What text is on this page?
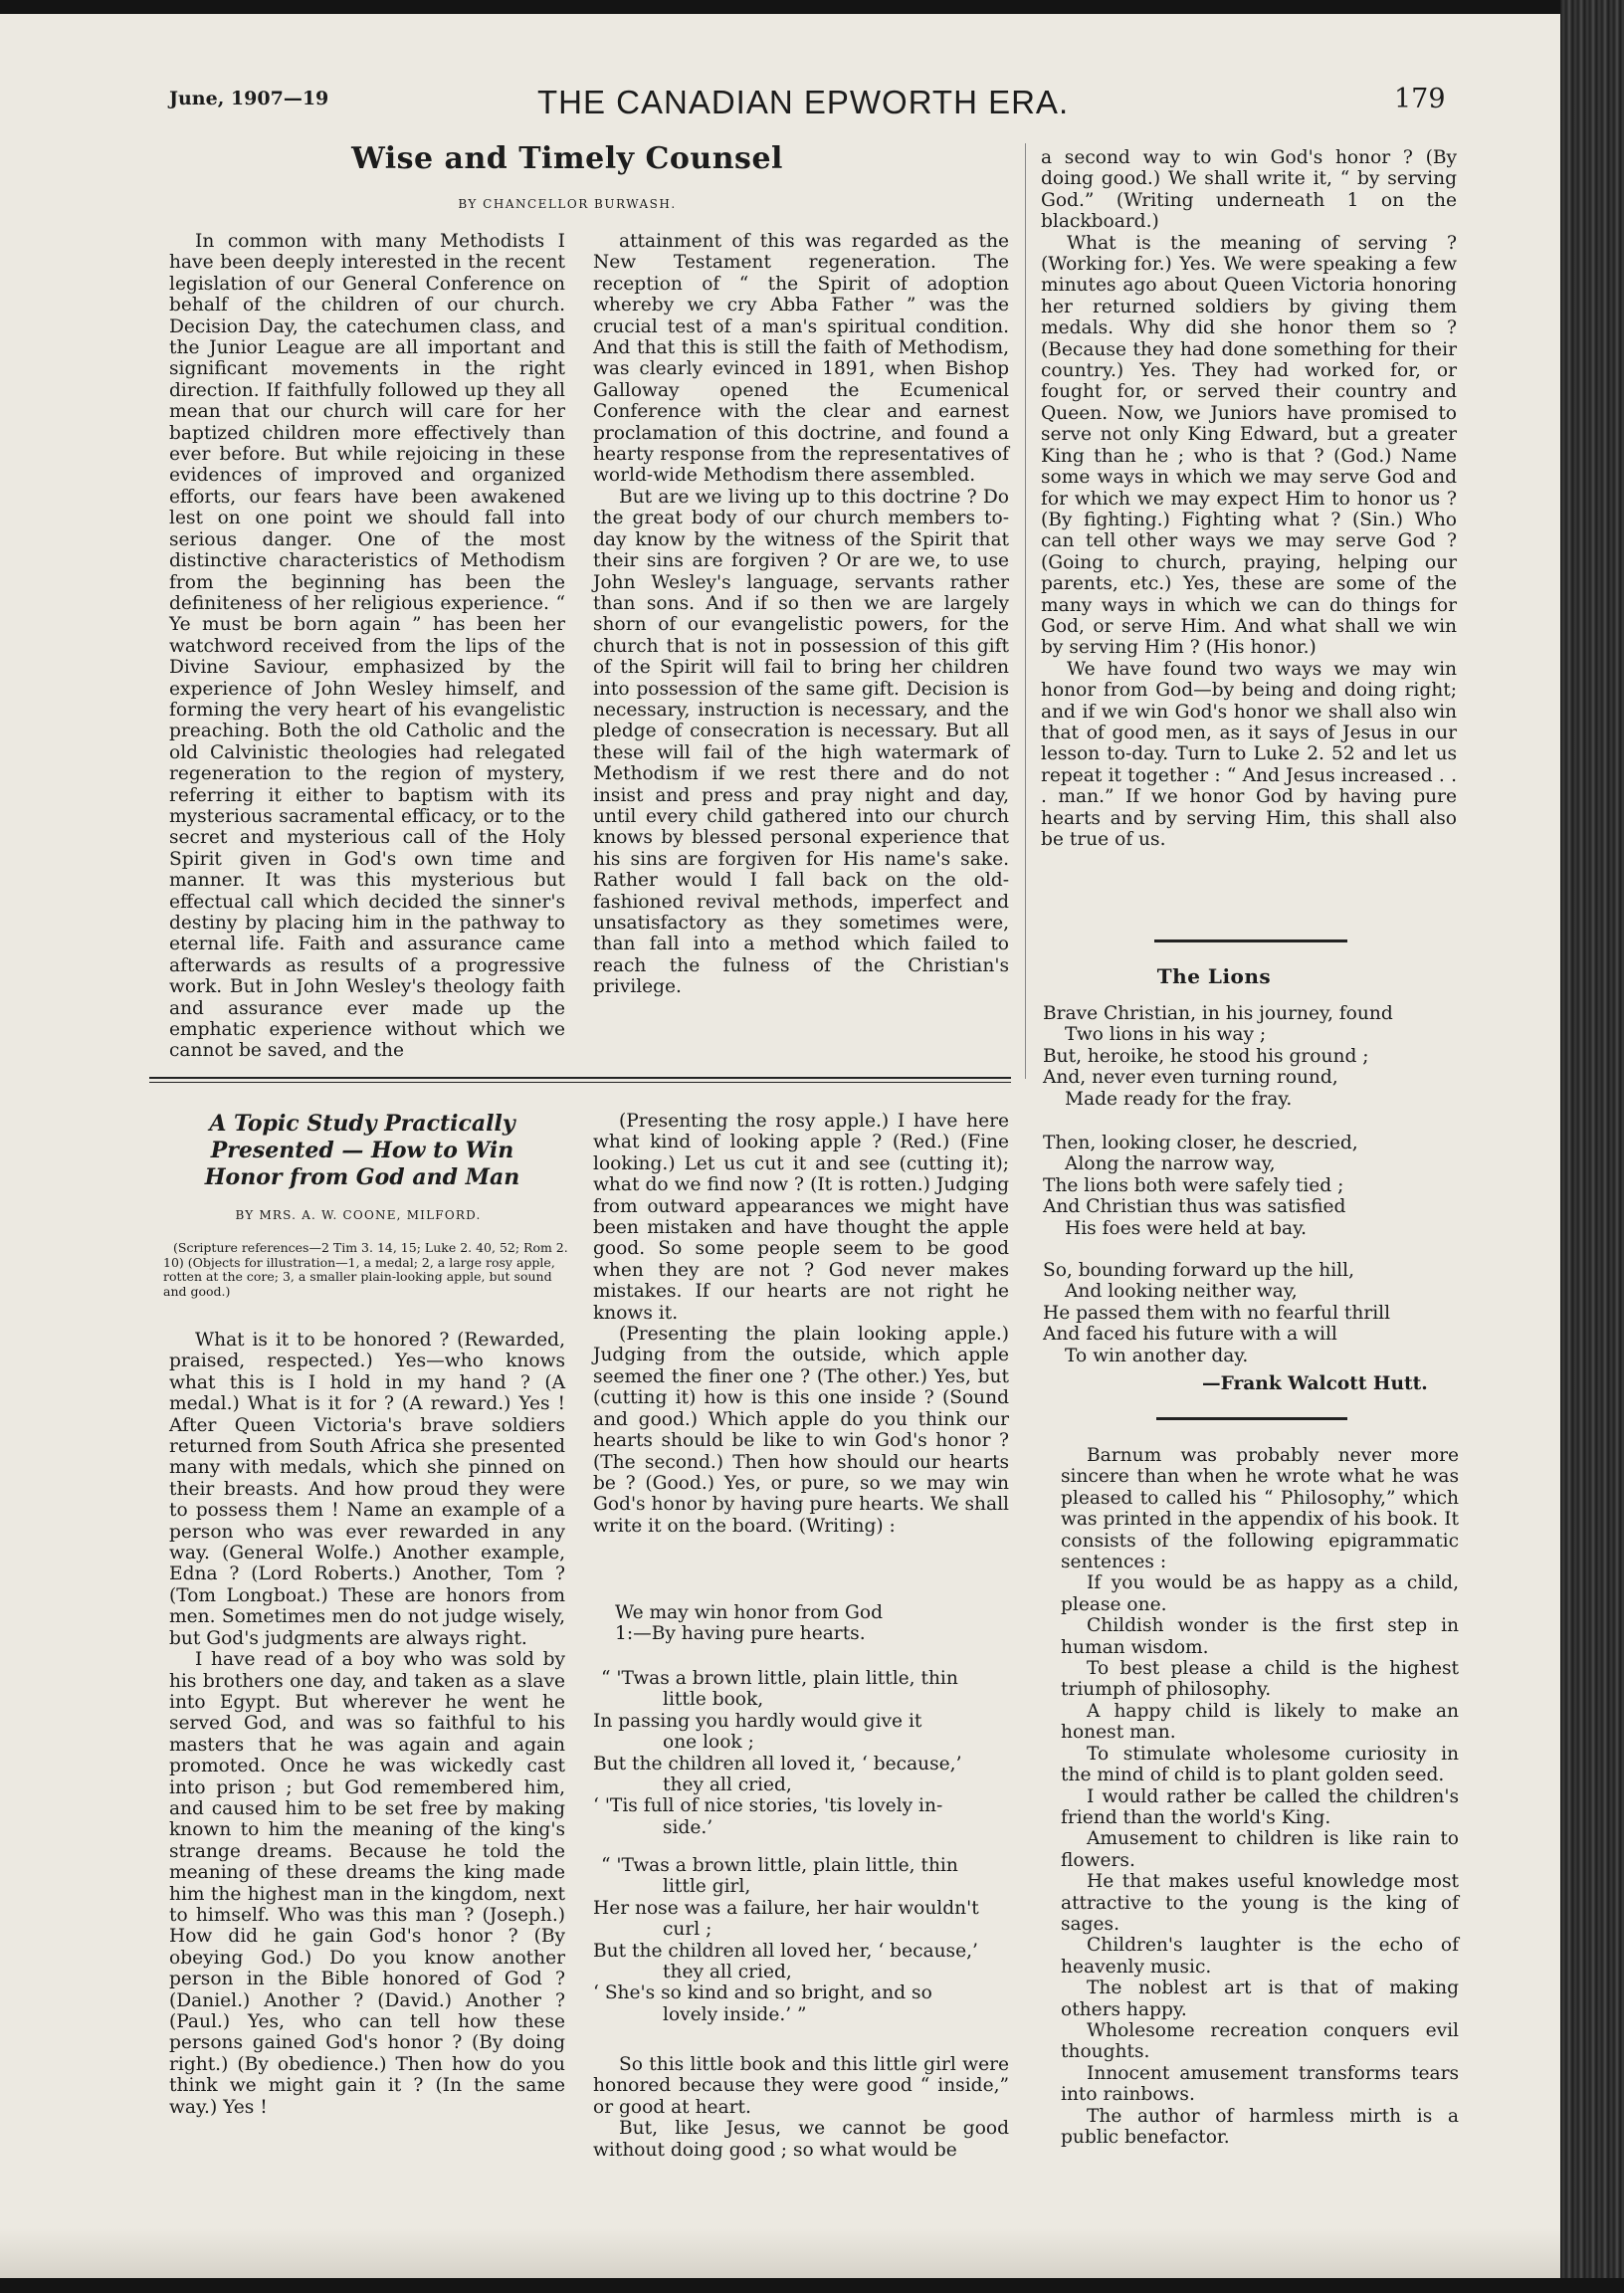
June, 1907—19	THE CANADIAN EPWORTH ERA.	179
Wise and Timely Counsel
BY CHANCELLOR BURWASH.

In common with many Methodists I have been deeply interested in the recent legislation of our General Conference on behalf of the children of our church. Decision Day, the catechumen class, and the Junior League are all important and significant movements in the right direction. If faithfully followed up they all mean that our church will care for her baptized children more effectively than ever before. But while rejoicing in these evidences of improved and organized efforts, our fears have been awakened lest on one point we should fall into serious danger. One of the most distinctive characteristics of Methodism from the beginning has been the definiteness of her religious experience. “ Ye must be born again ” has been her watchword received from the lips of the Divine Saviour, emphasized by the experience of John Wesley himself, and forming the very heart of his evangelistic preaching. Both the old Catholic and the old Calvinistic theologies had relegated regeneration to the region of mystery, referring it either to baptism with its mysterious sacramental efficacy, or to the secret and mysterious call of the Holy Spirit given in God's own time and manner. It was this mysterious but effectual call which decided the sinner's destiny by placing him in the pathway to eternal life. Faith and assurance came afterwards as results of a progressive work. But in John Wesley's theology faith and assurance ever made up the emphatic experience without which we cannot be saved, and the

attainment of this was regarded as the New Testament regeneration. The reception of “ the Spirit of adoption whereby we cry Abba Father ” was the crucial test of a man's spiritual condition. And that this is still the faith of Methodism, was clearly evinced in 1891, when Bishop Galloway opened the Ecumenical Conference with the clear and earnest proclamation of this doctrine, and found a hearty response from the representatives of world-wide Methodism there assembled.

But are we living up to this doctrine ? Do the great body of our church members to-day know by the witness of the Spirit that their sins are forgiven ? Or are we, to use John Wesley's language, servants rather than sons. And if so then we are largely shorn of our evangelistic powers, for the church that is not in possession of this gift of the Spirit will fail to bring her children into possession of the same gift. Decision is necessary, instruction is necessary, and the pledge of consecration is necessary. But all these will fail of the high watermark of Methodism if we rest there and do not insist and press and pray night and day, until every child gathered into our church knows by blessed personal experience that his sins are forgiven for His name's sake. Rather would I fall back on the old-fashioned revival methods, imperfect and unsatisfactory as they sometimes were, than fall into a method which failed to reach the fulness of the Christian's privilege.

a second way to win God's honor ? (By doing good.) We shall write it, “ by serving God.” (Writing underneath 1 on the blackboard.)

What is the meaning of serving ? (Working for.) Yes. We were speaking a few minutes ago about Queen Victoria honoring her returned soldiers by giving them medals. Why did she honor them so ? (Because they had done something for their country.) Yes. They had worked for, or fought for, or served their country and Queen. Now, we Juniors have promised to serve not only King Edward, but a greater King than he ; who is that ? (God.) Name some ways in which we may serve God and for which we may expect Him to honor us ? (By fighting.) Fighting what ? (Sin.) Who can tell other ways we may serve God ? (Going to church, praying, helping our parents, etc.) Yes, these are some of the many ways in which we can do things for God, or serve Him. And what shall we win by serving Him ? (His honor.)

We have found two ways we may win honor from God—by being and doing right; and if we win God's honor we shall also win that of good men, as it says of Jesus in our lesson to-day. Turn to Luke 2. 52 and let us repeat it together : “ And Jesus increased . . . man.” If we honor God by having pure hearts and by serving Him, this shall also be true of us.

The Lions
Brave Christian, in his journey, found
Two lions in his way ;
But, heroike, he stood his ground ;
And, never even turning round,
Made ready for the fray.
Then, looking closer, he descried,
Along the narrow way,
The lions both were safely tied ;
And Christian thus was satisfied
His foes were held at bay.
So, bounding forward up the hill,
And looking neither way,
He passed them with no fearful thrill
And faced his future with a will
To win another day.
—Frank Walcott Hutt.

Barnum was probably never more sincere than when he wrote what he was pleased to called his “ Philosophy,” which was printed in the appendix of his book. It consists of the following epigrammatic sentences :

If you would be as happy as a child, please one.

Childish wonder is the first step in human wisdom.

To best please a child is the highest triumph of philosophy.

A happy child is likely to make an honest man.

To stimulate wholesome curiosity in the mind of child is to plant golden seed.

I would rather be called the children's friend than the world's King.

Amusement to children is like rain to flowers.

He that makes useful knowledge most attractive to the young is the king of sages.

Children's laughter is the echo of heavenly music.

The noblest art is that of making others happy.

Wholesome recreation conquers evil thoughts.

Innocent amusement transforms tears into rainbows.

The author of harmless mirth is a public benefactor.

A Topic Study Practically
Presented — How to Win
Honor from God and Man
BY MRS. A. W. COONE, MILFORD.
(Scripture references—2 Tim 3. 14, 15; Luke 2. 40, 52; Rom 2. 10) (Objects for illustration—1, a medal; 2, a large rosy apple, rotten at the core; 3, a smaller plain-looking apple, but sound and good.)

What is it to be honored ? (Rewarded, praised, respected.) Yes—who knows what this is I hold in my hand ? (A medal.) What is it for ? (A reward.) Yes ! After Queen Victoria's brave soldiers returned from South Africa she presented many with medals, which she pinned on their breasts. And how proud they were to possess them ! Name an example of a person who was ever rewarded in any way. (General Wolfe.) Another example, Edna ? (Lord Roberts.) Another, Tom ? (Tom Longboat.) These are honors from men. Sometimes men do not judge wisely, but God's judgments are always right.

I have read of a boy who was sold by his brothers one day, and taken as a slave into Egypt. But wherever he went he served God, and was so faithful to his masters that he was again and again promoted. Once he was wickedly cast into prison ; but God remembered him, and caused him to be set free by making known to him the meaning of the king's strange dreams. Because he told the meaning of these dreams the king made him the highest man in the kingdom, next to himself. Who was this man ? (Joseph.) How did he gain God's honor ? (By obeying God.) Do you know another person in the Bible honored of God ? (Daniel.) Another ? (David.) Another ? (Paul.) Yes, who can tell how these persons gained God's honor ? (By doing right.) (By obedience.) Then how do you think we might gain it ? (In the same way.) Yes !

(Presenting the rosy apple.) I have here what kind of looking apple ? (Red.) (Fine looking.) Let us cut it and see (cutting it); what do we find now ? (It is rotten.) Judging from outward appearances we might have been mistaken and have thought the apple good. So some people seem to be good when they are not ? God never makes mistakes. If our hearts are not right he knows it.

(Presenting the plain looking apple.) Judging from the outside, which apple seemed the finer one ? (The other.) Yes, but (cutting it) how is this one inside ? (Sound and good.) Which apple do you think our hearts should be like to win God's honor ? (The second.) Then how should our hearts be ? (Good.) Yes, or pure, so we may win God's honor by having pure hearts. We shall write it on the board. (Writing) :

We may win honor from God
1:—By having pure hearts.
“ 'Twas a brown little, plain little, thin
little book,
In passing you hardly would give it
one look ;
But the children all loved it, ‘ because,’
they all cried,
‘ 'Tis full of nice stories, 'tis lovely in-
side.’
“ 'Twas a brown little, plain little, thin
little girl,
Her nose was a failure, her hair wouldn't
curl ;
But the children all loved her, ‘ because,’
they all cried,
‘ She's so kind and so bright, and so
lovely inside.’ ”

So this little book and this little girl were honored because they were good “ inside,” or good at heart.

But, like Jesus, we cannot be good without doing good ; so what would be
